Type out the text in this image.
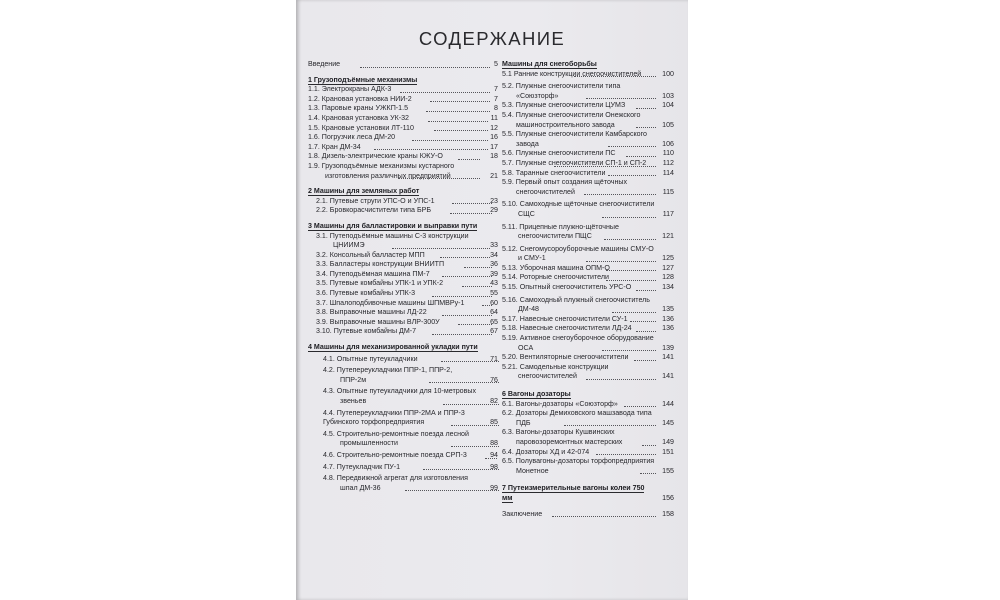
СОДЕРЖАНИЕ
Введение	5
1 Грузоподъёмные механизмы
1.1. Электрокраны АДК-3	7
1.2. Крановая установка НИИ-2	7
1.3. Паровые краны УЖКП-1.5	8
1.4. Крановая установка УК-32	11
1.5. Крановые установки ЛТ-110	12
1.6. Погрузчик леса ДМ-20	16
1.7. Кран ДМ-34	17
1.8. Дизель-электрические краны КЖУ-О	18
1.9. Грузоподъёмные механизмы кустарного изготовления различных предприятий	21
2 Машины для земляных работ
2.1. Путевые струги УПС-О и УПС-1	23
2.2. Бровкорасчистители типа БРБ	29
3 Машины для балластировки и выправки пути
3.1. Путеподъёмные машины С-3 конструкции ЦНИИМЭ	33
3.2. Консольный балластер МПП	34
3.3. Балластеры конструкции ВНИИТП	36
3.4. Путеподъёмная машина ПМ-7	39
3.5. Путевые комбайны УПК-1 и УПК-2	43
3.6. Путевые комбайны УПК-3	55
3.7. Шпалоподбивочные машины ШПМВРу-1	60
3.8. Выправочные машины ЛД-22	64
3.9. Выправочные машины ВЛР-300У	65
3.10. Путевые комбайны ДМ-7	67
4 Машины для механизированной укладки пути
4.1. Опытные путеукладчики	71
4.2. Путепереукладчики ППР-1, ППР-2, ППР-2м	76
4.3. Опытные путеукладчики для 10-метровых звеньев	82
4.4. Путепереукладчики ППР-2МА и ППР-3 Губинского торфопредприятия	85
4.5. Строительно-ремонтные поезда лесной промышленности	88
4.6. Строительно-ремонтные поезда СРП-3	94
4.7. Путеукладчик ПУ-1	98
4.8. Передвижной агрегат для изготовления шпал ДМ-36	99
Машины для снегоборьбы
5.1 Ранние конструкции снегоочистителей	100
5.2. Плужные снегоочистители типа «Союзторф»	103
5.3. Плужные снегоочистители ЦУМЗ	104
5.4. Плужные снегоочистители Онежского машиностроительного завода	105
5.5. Плужные снегоочистители Камбарского завода	106
5.6. Плужные снегоочистители ПС	110
5.7. Плужные снегоочистители СП-1 и СП-2	112
5.8. Таранные снегоочистители	114
5.9. Первый опыт создания щёточных снегоочистителей	115
5.10. Самоходные щёточные снегоочистители СЩС	117
5.11. Прицепные плужно-щёточные снегоочистители ПЩС	121
5.12. Снегомусороуборочные машины СМУ-О и СМУ-1	125
5.13. Уборочная машина ОПМ-О	127
5.14. Роторные снегоочистители	128
5.15. Опытный снегоочиститель УРС-О	134
5.16. Самоходный плужный снегоочиститель ДМ-48	135
5.17. Навесные снегоочистители СУ-1	136
5.18. Навесные снегоочистители ЛД-24	136
5.19. Активное снегоуборочное оборудование ОСА	139
5.20. Вентиляторные снегоочистители	141
5.21. Самодельные конструкции снегоочистителей	141
6 Вагоны дозаторы
6.1. Вагоны-дозаторы «Союзторф»	144
6.2. Дозаторы Демиховского машзавода типа ПДБ	145
6.3. Вагоны-дозаторы Кушвинских паровозоремонтных мастерских	149
6.4. Дозаторы ХД и 42-074	151
6.5. Полувагоны-дозаторы торфопредприятия Монетное	155
7 Путеизмерительные вагоны колеи 750 мм	156
Заключение	158
